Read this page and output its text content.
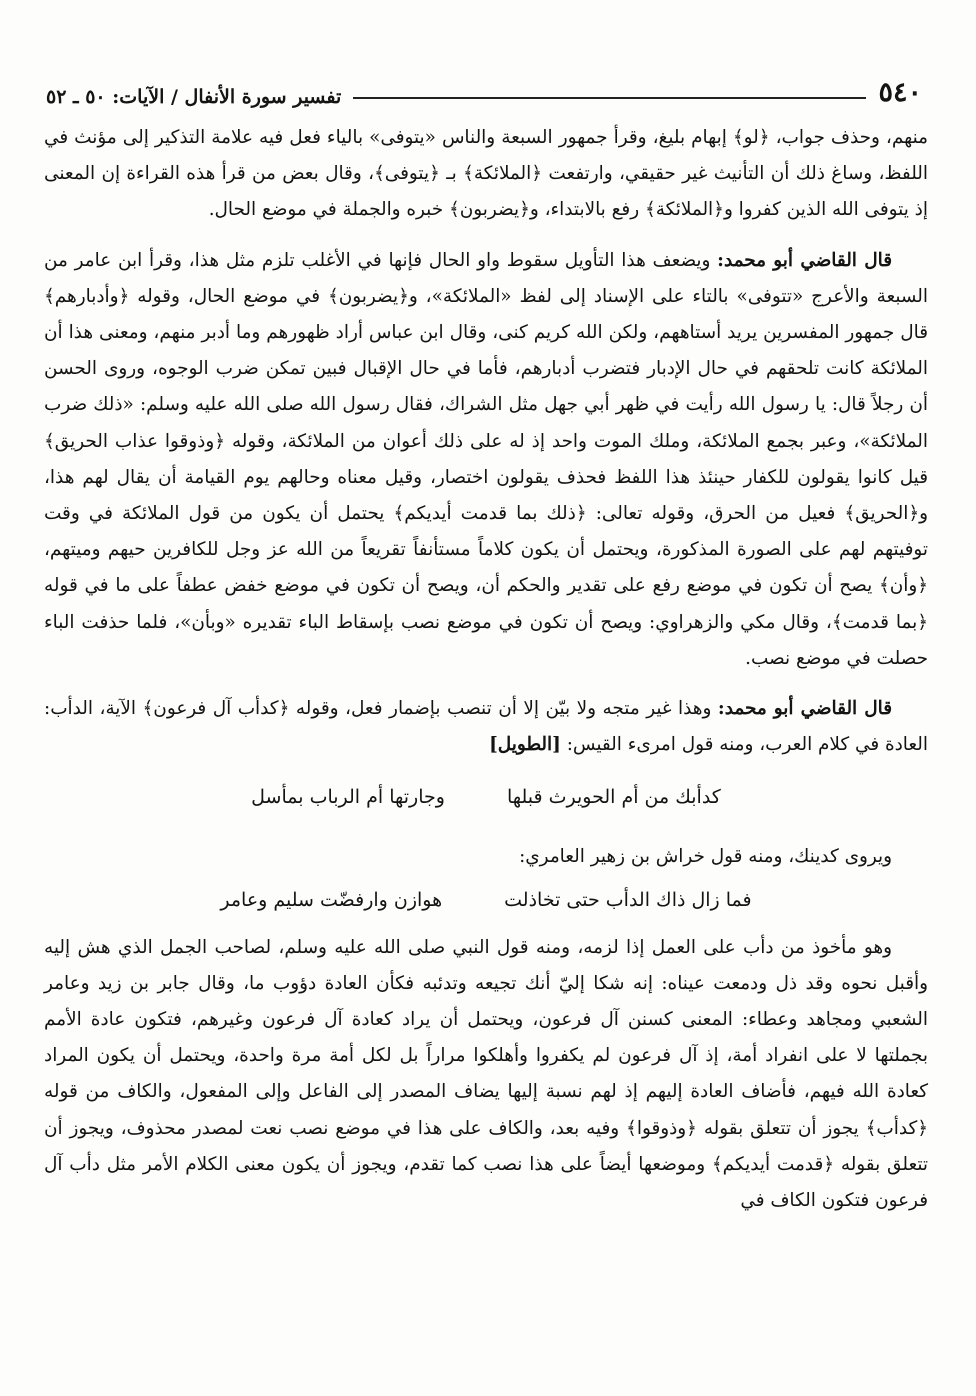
٥٤٠
تفسير سورة الأنفال / الآيات: ٥٠ ـ ٥٢

منهم، وحذف جواب، ﴿لو﴾ إبهام بليغ، وقرأ جمهور السبعة والناس «يتوفى» بالياء فعل فيه علامة التذكير إلى مؤنث في اللفظ، وساغ ذلك أن التأنيث غير حقيقي، وارتفعت ﴿الملائكة﴾ بـ ﴿يتوفى﴾، وقال بعض من قرأ هذه القراءة إن المعنى إذ يتوفى الله الذين كفروا و﴿الملائكة﴾ رفع بالابتداء، و﴿يضربون﴾ خبره والجملة في موضع الحال.

قال القاضي أبو محمد: ويضعف هذا التأويل سقوط واو الحال فإنها في الأغلب تلزم مثل هذا، وقرأ ابن عامر من السبعة والأعرج «تتوفى» بالتاء على الإسناد إلى لفظ «الملائكة»، و﴿يضربون﴾ في موضع الحال، وقوله ﴿وأدبارهم﴾ قال جمهور المفسرين يريد أستاههم، ولكن الله كريم كنى، وقال ابن عباس أراد ظهورهم وما أدبر منهم، ومعنى هذا أن الملائكة كانت تلحقهم في حال الإدبار فتضرب أدبارهم، فأما في حال الإقبال فبين تمكن ضرب الوجوه، وروى الحسن أن رجلاً قال: يا رسول الله رأيت في ظهر أبي جهل مثل الشراك، فقال رسول الله صلى الله عليه وسلم: «ذلك ضرب الملائكة»، وعبر بجمع الملائكة، وملك الموت واحد إذ له على ذلك أعوان من الملائكة، وقوله ﴿وذوقوا عذاب الحريق﴾ قيل كانوا يقولون للكفار حينئذ هذا اللفظ فحذف يقولون اختصار، وقيل معناه وحالهم يوم القيامة أن يقال لهم هذا، و﴿الحريق﴾ فعيل من الحرق، وقوله تعالى: ﴿ذلك بما قدمت أيديكم﴾ يحتمل أن يكون من قول الملائكة في وقت توفيتهم لهم على الصورة المذكورة، ويحتمل أن يكون كلاماً مستأنفاً تقريعاً من الله عز وجل للكافرين حيهم وميتهم، ﴿وأن﴾ يصح أن تكون في موضع رفع على تقدير والحكم أن، ويصح أن تكون في موضع خفض عطفاً على ما في قوله ﴿بما قدمت﴾، وقال مكي والزهراوي: ويصح أن تكون في موضع نصب بإسقاط الباء تقديره «وبأن»، فلما حذفت الباء حصلت في موضع نصب.

قال القاضي أبو محمد: وهذا غير متجه ولا بيّن إلا أن تنصب بإضمار فعل، وقوله ﴿كدأب آل فرعون﴾ الآية، الدأب: العادة في كلام العرب، ومنه قول امرىء القيس: [الطويل]

كدأبك من أم الحويرث قبلها
وجارتها أم الرباب بمأسل

ويروى كدينك، ومنه قول خراش بن زهير العامري:

فما زال ذاك الدأب حتى تخاذلت
هوازن وارفضّت سليم وعامر

وهو مأخوذ من دأب على العمل إذا لزمه، ومنه قول النبي صلى الله عليه وسلم، لصاحب الجمل الذي هش إليه وأقبل نحوه وقد ذل ودمعت عيناه: إنه شكا إليّ أنك تجيعه وتدئبه فكأن العادة دؤوب ما، وقال جابر بن زيد وعامر الشعبي ومجاهد وعطاء: المعنى كسنن آل فرعون، ويحتمل أن يراد كعادة آل فرعون وغيرهم، فتكون عادة الأمم بجملتها لا على انفراد أمة، إذ آل فرعون لم يكفروا وأهلكوا مراراً بل لكل أمة مرة واحدة، ويحتمل أن يكون المراد كعادة الله فيهم، فأضاف العادة إليهم إذ لهم نسبة إليها يضاف المصدر إلى الفاعل وإلى المفعول، والكاف من قوله ﴿كدأب﴾ يجوز أن تتعلق بقوله ﴿وذوقوا﴾ وفيه بعد، والكاف على هذا في موضع نصب نعت لمصدر محذوف، ويجوز أن تتعلق بقوله ﴿قدمت أيديكم﴾ وموضعها أيضاً على هذا نصب كما تقدم، ويجوز أن يكون معنى الكلام الأمر مثل دأب آل فرعون فتكون الكاف في
